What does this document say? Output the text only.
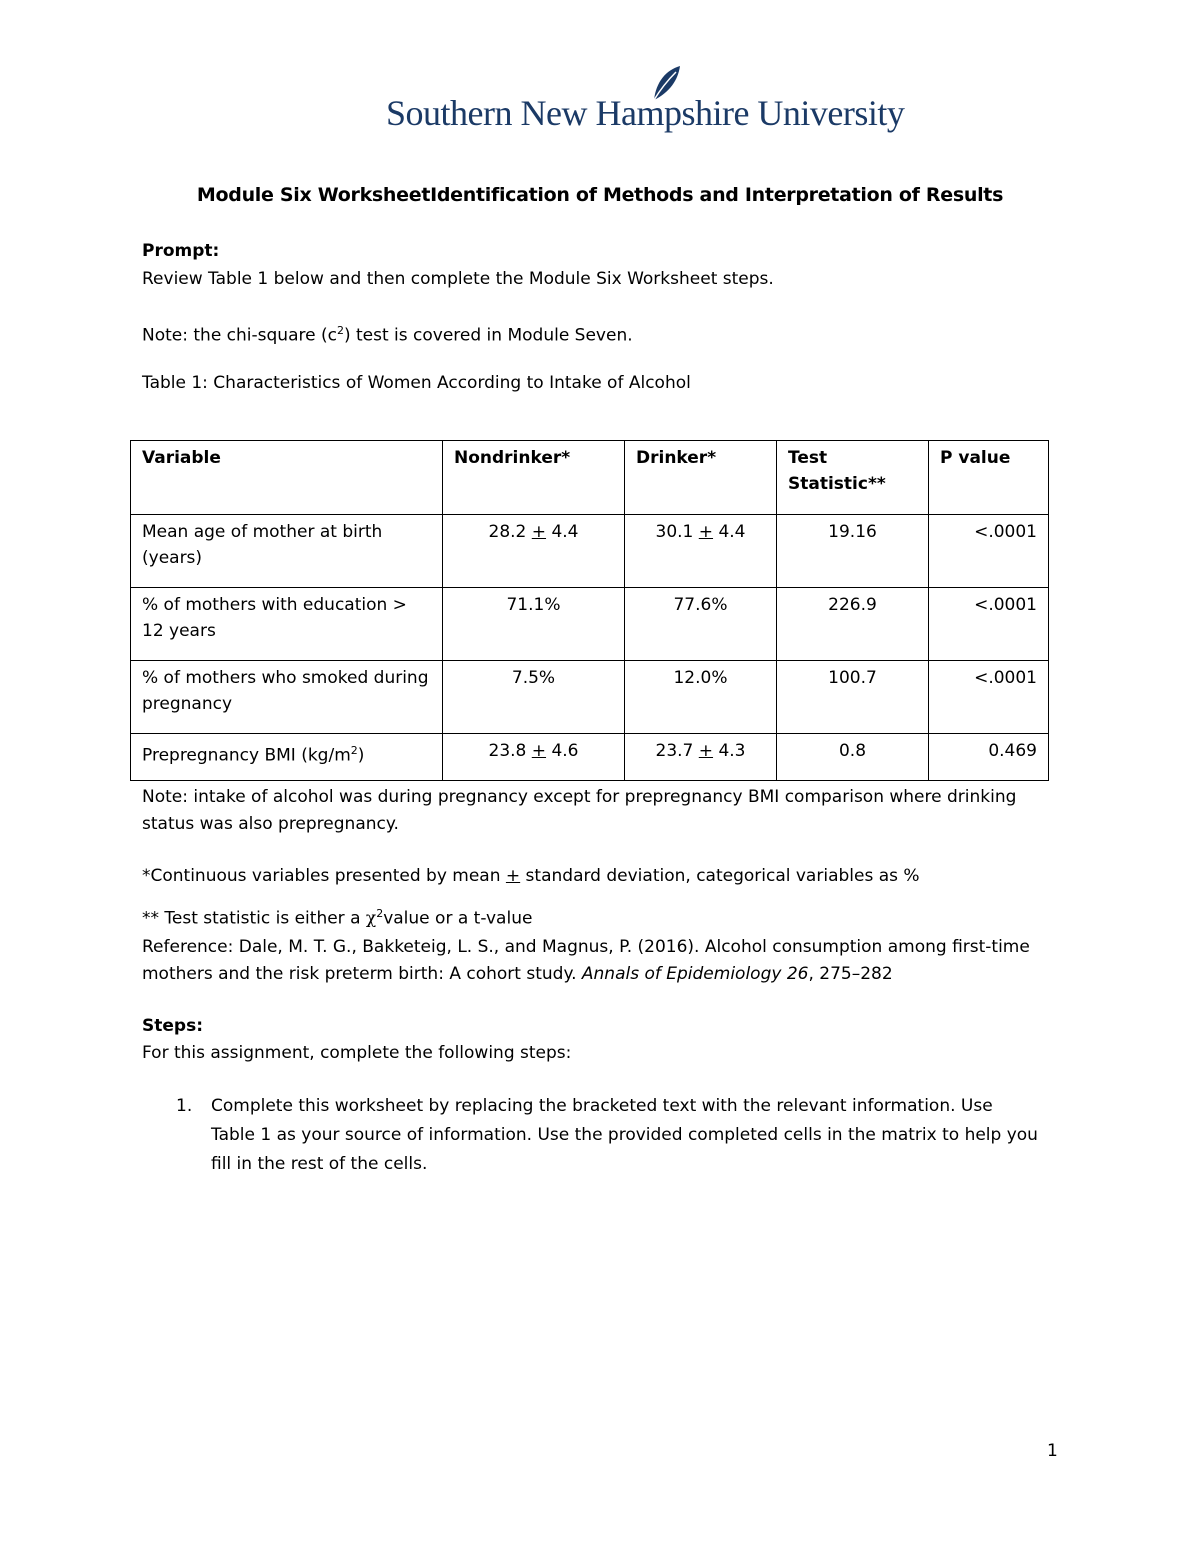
Southern New Hampshire University
Module Six WorksheetIdentification of Methods and Interpretation of Results
Prompt:
Review Table 1 below and then complete the Module Six Worksheet steps.
Note: the chi-square $(c^2)$ test is covered in Module Seven.
Table 1: Characteristics of Women According to Intake of Alcohol
Variable	Nondrinker*	Drinker*	Test Statistic**	P value
Mean age of mother at birth (years)	28.2 + 4.4	30.1 + 4.4	19.16	<.0001
% of mothers with education > 12 years	71.1%	77.6%	226.9	<.0001
% of mothers who smoked during pregnancy	7.5%	12.0%	100.7	<.0001
Prepregnancy BMI $(kg/m^2)$	23.8 + 4.6	23.7 + 4.3	0.8	0.469
Note: intake of alcohol was during pregnancy except for prepregnancy BMI comparison where drinking status was also prepregnancy.
*Continuous variables presented by mean + standard deviation, categorical variables as %
** Test statistic is either a $\chi^2value$ or a t-value
Reference: Dale, M. T. G., Bakketeig, L. S., and Magnus, P. (2016). Alcohol consumption among first-time mothers and the risk preterm birth: A cohort study. Annals of Epidemiology 26, 275–282
Steps:
For this assignment, complete the following steps:
1. Complete this worksheet by replacing the bracketed text with the relevant information. Use Table 1 as your source of information. Use the provided completed cells in the matrix to help you fill in the rest of the cells.
1
